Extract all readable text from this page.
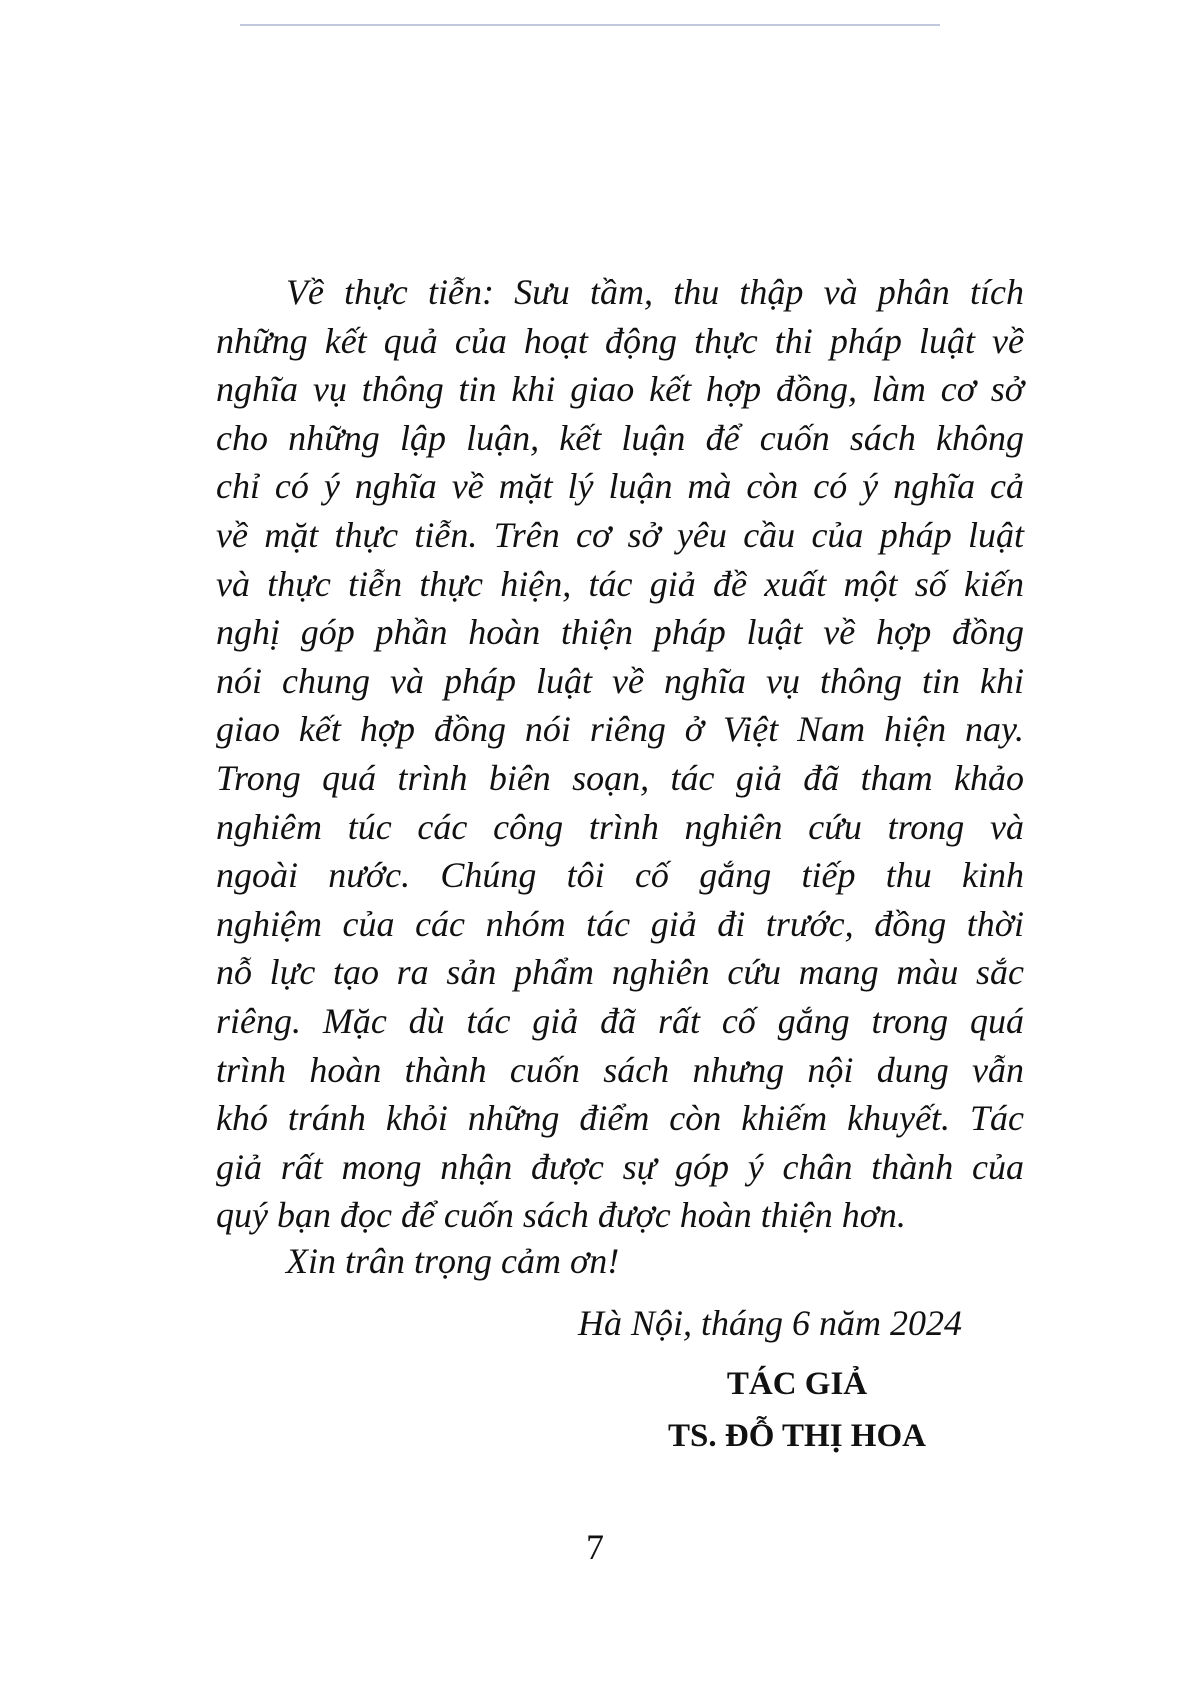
Về thực tiễn: Sưu tầm, thu thập và phân tích
những kết quả của hoạt động thực thi pháp luật về
nghĩa vụ thông tin khi giao kết hợp đồng, làm cơ sở
cho những lập luận, kết luận để cuốn sách không
chỉ có ý nghĩa về mặt lý luận mà còn có ý nghĩa cả
về mặt thực tiễn. Trên cơ sở yêu cầu của pháp luật
và thực tiễn thực hiện, tác giả đề xuất một số kiến
nghị góp phần hoàn thiện pháp luật về hợp đồng
nói chung và pháp luật về nghĩa vụ thông tin khi
giao kết hợp đồng nói riêng ở Việt Nam hiện nay.
Trong quá trình biên soạn, tác giả đã tham khảo
nghiêm túc các công trình nghiên cứu trong và
ngoài nước. Chúng tôi cố gắng tiếp thu kinh
nghiệm của các nhóm tác giả đi trước, đồng thời
nỗ lực tạo ra sản phẩm nghiên cứu mang màu sắc
riêng. Mặc dù tác giả đã rất cố gắng trong quá
trình hoàn thành cuốn sách nhưng nội dung vẫn
khó tránh khỏi những điểm còn khiếm khuyết. Tác
giả rất mong nhận được sự góp ý chân thành của
quý bạn đọc để cuốn sách được hoàn thiện hơn.
Xin trân trọng cảm ơn!
Hà Nội, tháng 6 năm 2024
TÁC GIẢ
TS. ĐỖ THỊ HOA
7
